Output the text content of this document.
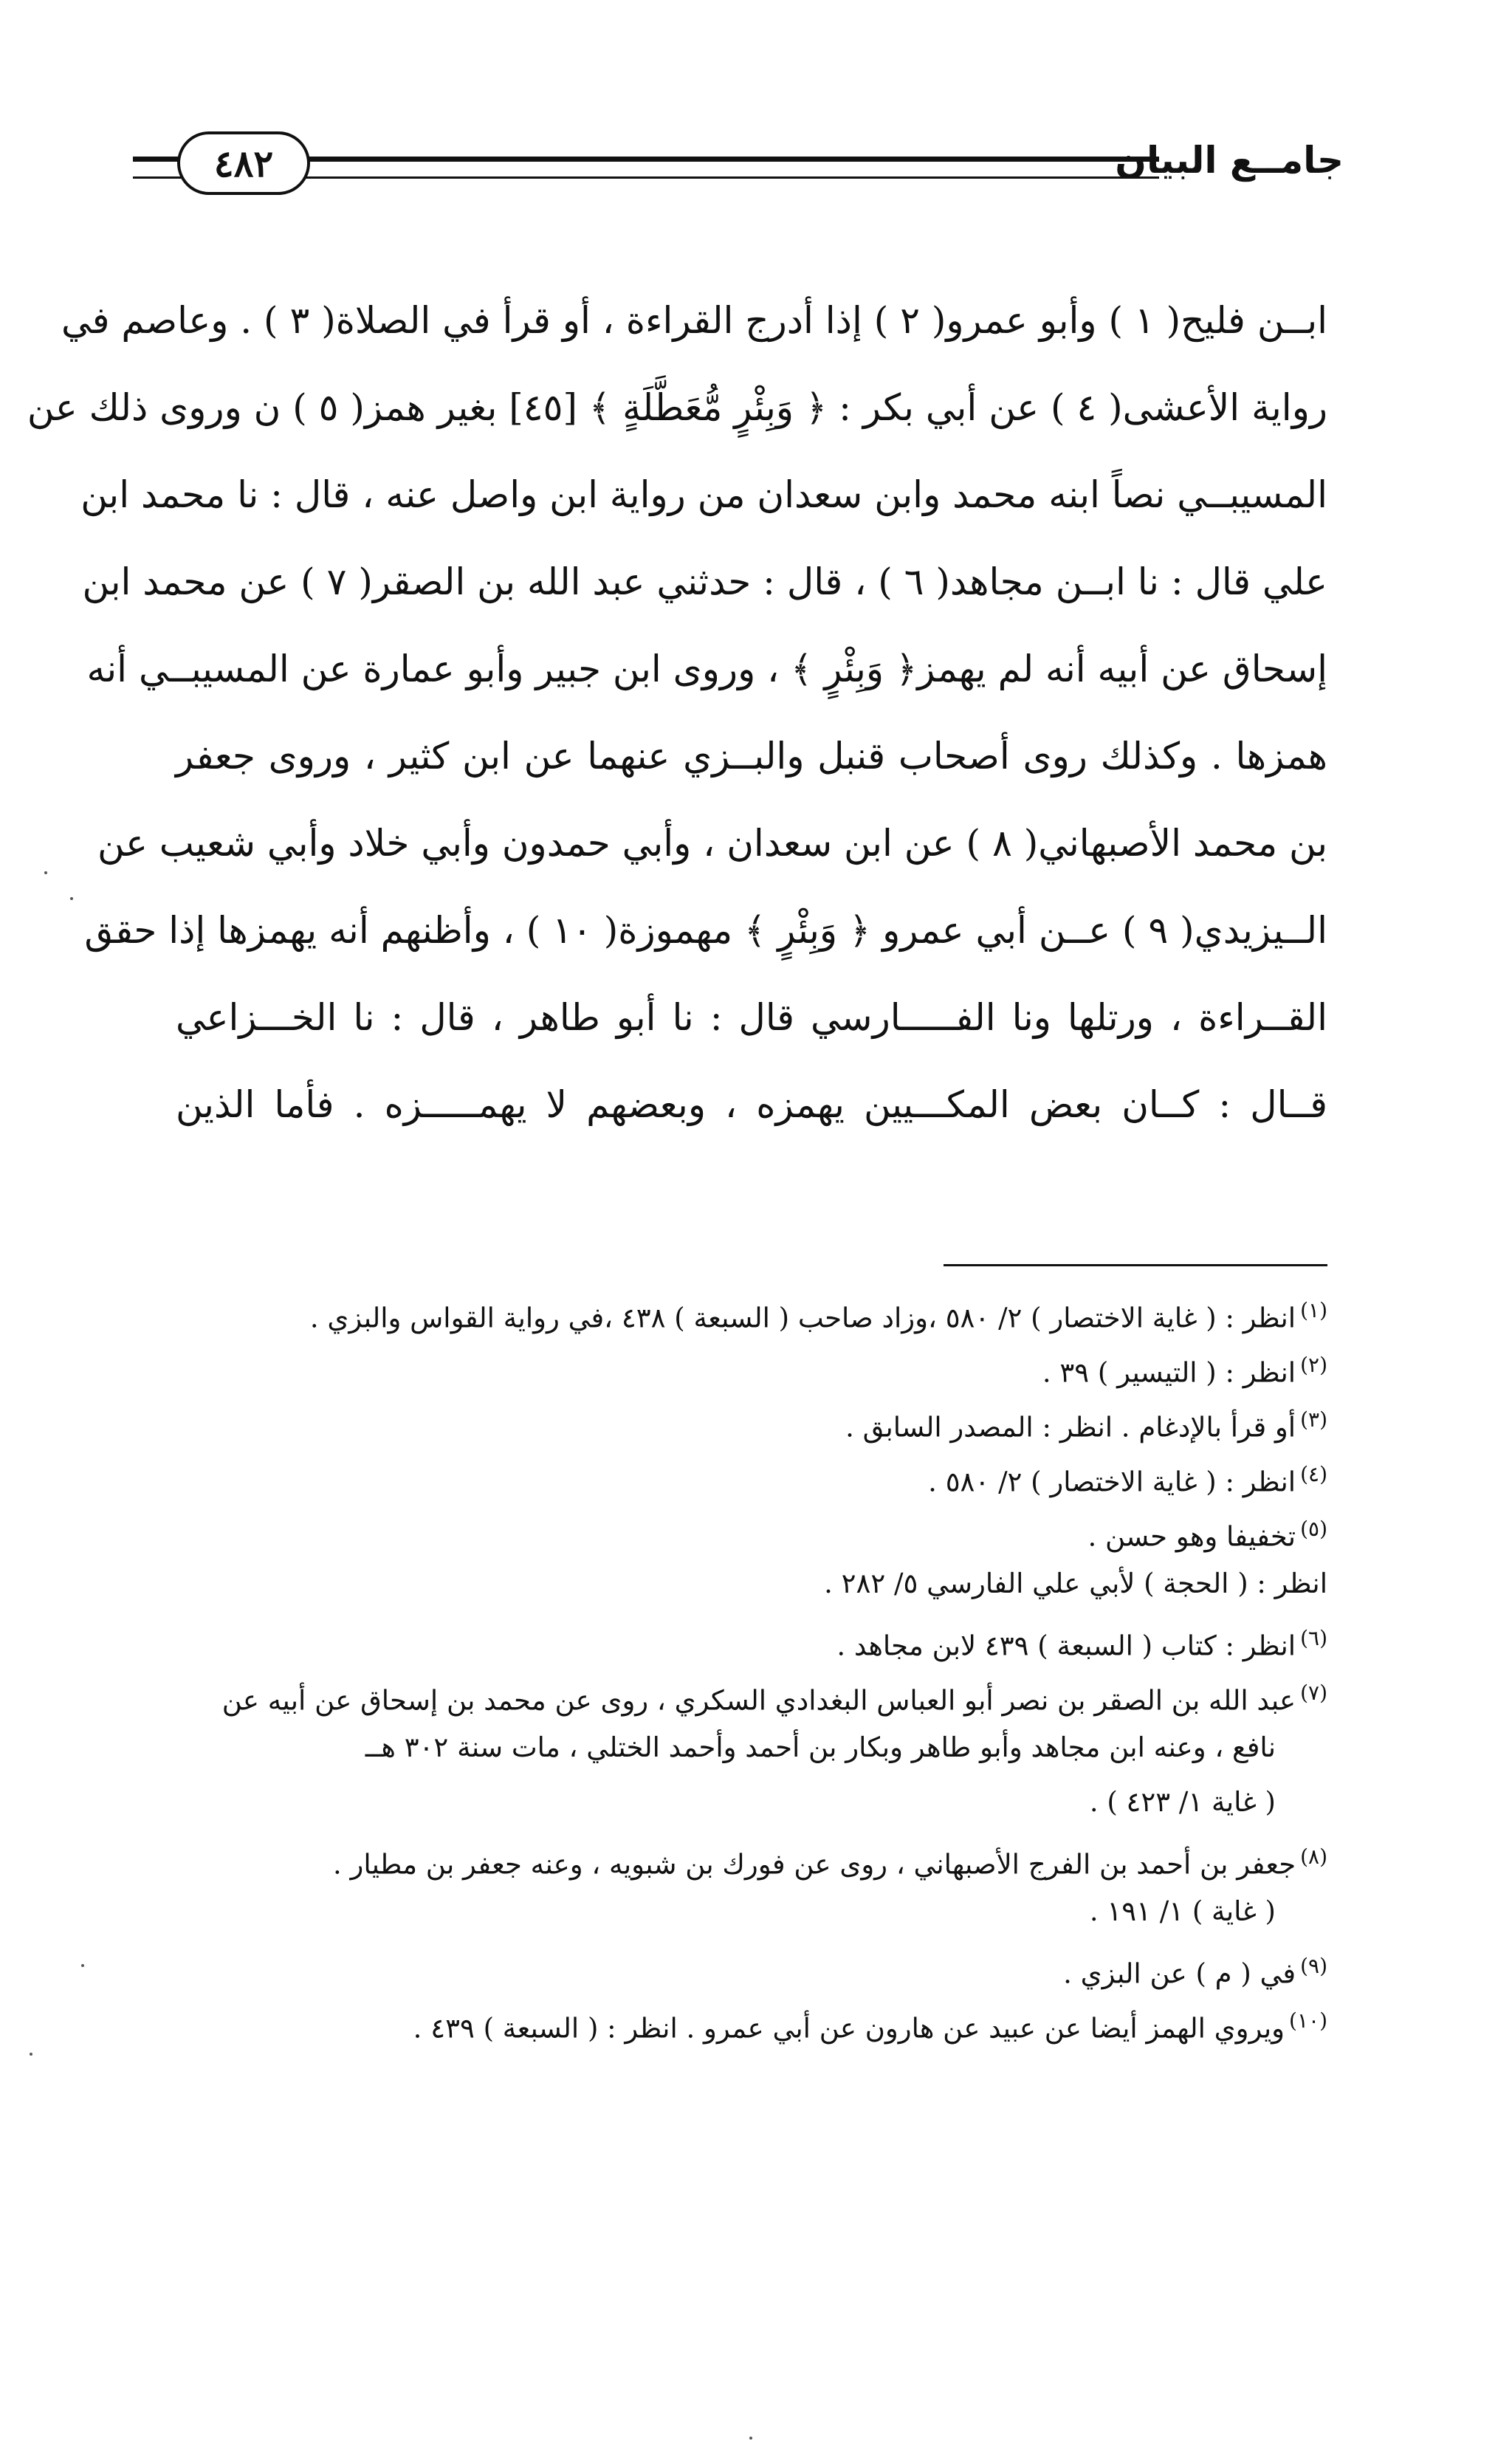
٤٨٢	جامــع البيان
ابــن فليح( ١ ) وأبو عمرو( ٢ ) إذا أدرج القراءة ، أو قرأ في الصلاة( ٣ ) . وعاصم في
رواية الأعشى( ٤ ) عن أبي بكر : ﴿ وَبِئْرٍ مُّعَطَّلَةٍ ﴾ [٤٥] بغير همز( ٥ ) ن وروى ذلك عن
المسيبــي نصاً ابنه محمد وابن سعدان من رواية ابن واصل عنه ، قال : نا محمد ابن
علي قال : نا ابــن مجاهد( ٦ ) ، قال : حدثني عبد الله بن الصقر( ٧ ) عن محمد ابن
إسحاق عن أبيه أنه لم يهمز﴿ وَبِئْرٍ ﴾ ، وروى ابن جبير وأبو عمارة عن المسيبــي أنه
همزها . وكذلك روى أصحاب قنبل والبــزي عنهما عن ابن كثير ، وروى جعفر
بن محمد الأصبهاني( ٨ ) عن ابن سعدان ، وأبي حمدون وأبي خلاد وأبي شعيب عن
الــيزيدي( ٩ ) عــن أبي عمرو ﴿ وَبِئْرٍ ﴾ مهموزة( ١٠ ) ، وأظنهم أنه يهمزها إذا حقق
القــراءة ، ورتلها ونا الفـــــارسي قال : نا أبو طاهر ، قال : نا الخـــزاعي
قــال : كــان بعض المكـــيين يهمزه ، وبعضهم لا يهمـــــزه . فأما الذين
$^{(١)}$انظر : ( غاية الاختصار ) ٢/ ٥٨٠ ،وزاد صاحب ( السبعة ) ٤٣٨ ،في رواية القواس والبزي .
$^{(٢)}$انظر : ( التيسير ) ٣٩ .
$^{(٣)}$أو قرأ بالإدغام . انظر : المصدر السابق .
$^{(٤)}$انظر : ( غاية الاختصار ) ٢/ ٥٨٠ .
$^{(٥)}$تخفيفا وهو حسن .
انظر : ( الحجة ) لأبي علي الفارسي ٥/ ٢٨٢ .
$^{(٦)}$انظر : كتاب ( السبعة ) ٤٣٩ لابن مجاهد .
$^{(٧)}$عبد الله بن الصقر بن نصر أبو العباس البغدادي السكري ، روى عن محمد بن إسحاق عن أبيه عن
نافع ، وعنه ابن مجاهد وأبو طاهر وبكار بن أحمد وأحمد الختلي ، مات سنة ٣٠٢ هــ
( غاية ١/ ٤٢٣ ) .
$^{(٨)}$جعفر بن أحمد بن الفرج الأصبهاني ، روى عن فورك بن شبويه ، وعنه جعفر بن مطيار .
( غاية ) ١/ ١٩١ .
$^{(٩)}$في ( م ) عن البزي .
$^{(١٠)}$ويروي الهمز أيضا عن عبيد عن هارون عن أبي عمرو . انظر : ( السبعة ) ٤٣٩ .
